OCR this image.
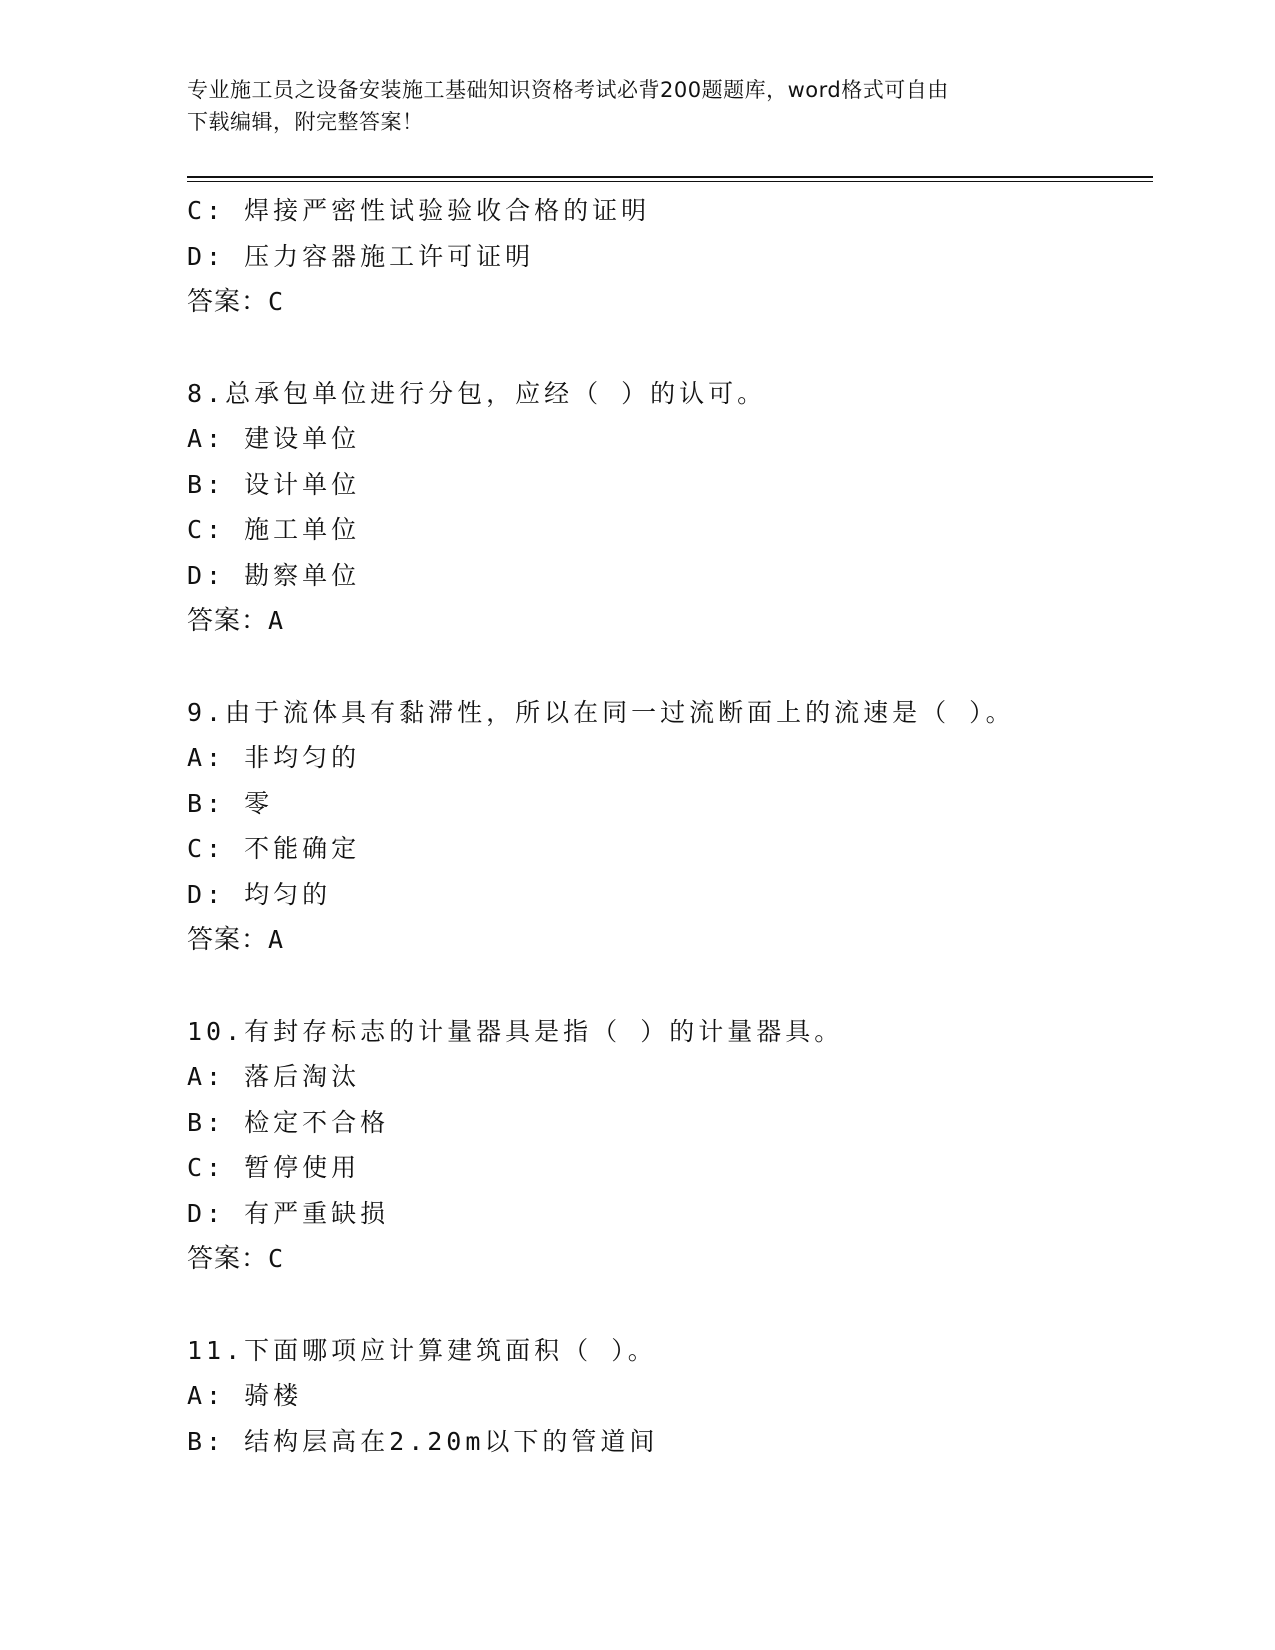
专业施工员之设备安装施工基础知识资格考试必背200题题库，word格式可自由
下载编辑，附完整答案！
C: 焊接严密性试验验收合格的证明
D: 压力容器施工许可证明
答案：C
8.总承包单位进行分包，应经（ ）的认可。
A: 建设单位
B: 设计单位
C: 施工单位
D: 勘察单位
答案：A
9.由于流体具有黏滞性，所以在同一过流断面上的流速是（ ）。
A: 非均匀的
B: 零
C: 不能确定
D: 均匀的
答案：A
10.有封存标志的计量器具是指（ ）的计量器具。
A: 落后淘汰
B: 检定不合格
C: 暂停使用
D: 有严重缺损
答案：C
11.下面哪项应计算建筑面积（ ）。
A: 骑楼
B: 结构层高在2.20m以下的管道间
